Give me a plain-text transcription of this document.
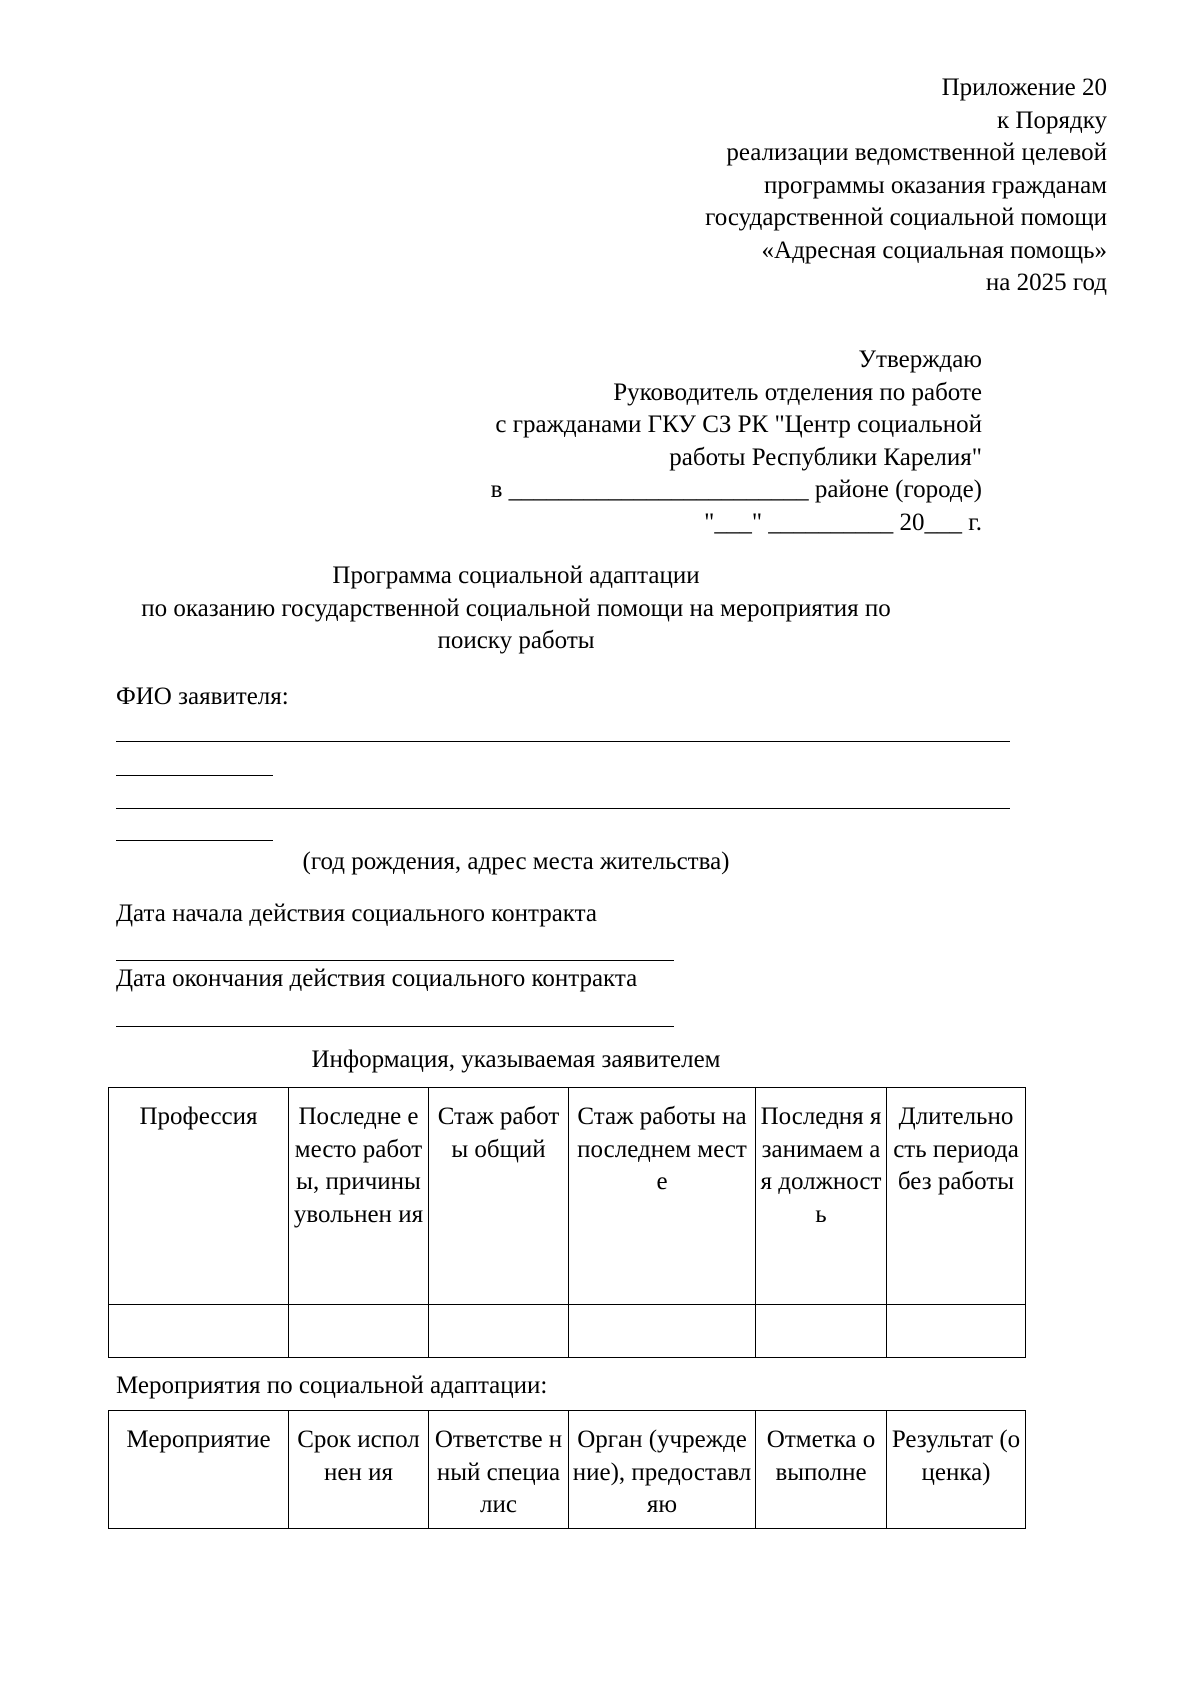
Приложение 20
к Порядку
реализации ведомственной целевой
программы оказания гражданам
государственной социальной помощи
«Адресная социальная помощь»
на 2025 год
Утверждаю
Руководитель отделения по работе
с гражданами ГКУ СЗ РК "Центр социальной
работы Республики Карелия"
в ________________________ районе (городе)
"___" __________ 20___ г.
Программа социальной адаптации
по оказанию государственной социальной помощи на мероприятия по
поиску работы
ФИО заявителя:
(год рождения, адрес места жительства)
Дата начала действия социального контракта
Дата окончания действия социального контракта
Информация, указываемая заявителем
Профессия	Последне е место работы, причины увольнен ия	Стаж работы общий	Стаж работы на последнем месте	Последня я занимаем ая должност ь	Длительно сть периода без работы

Мероприятия по социальной адаптации:
Мероприятие	Срок исполнен ия	Ответстве нный специалис	Орган (учреждение), предоставляю	Отметка о выполне	Результат (оценка)
